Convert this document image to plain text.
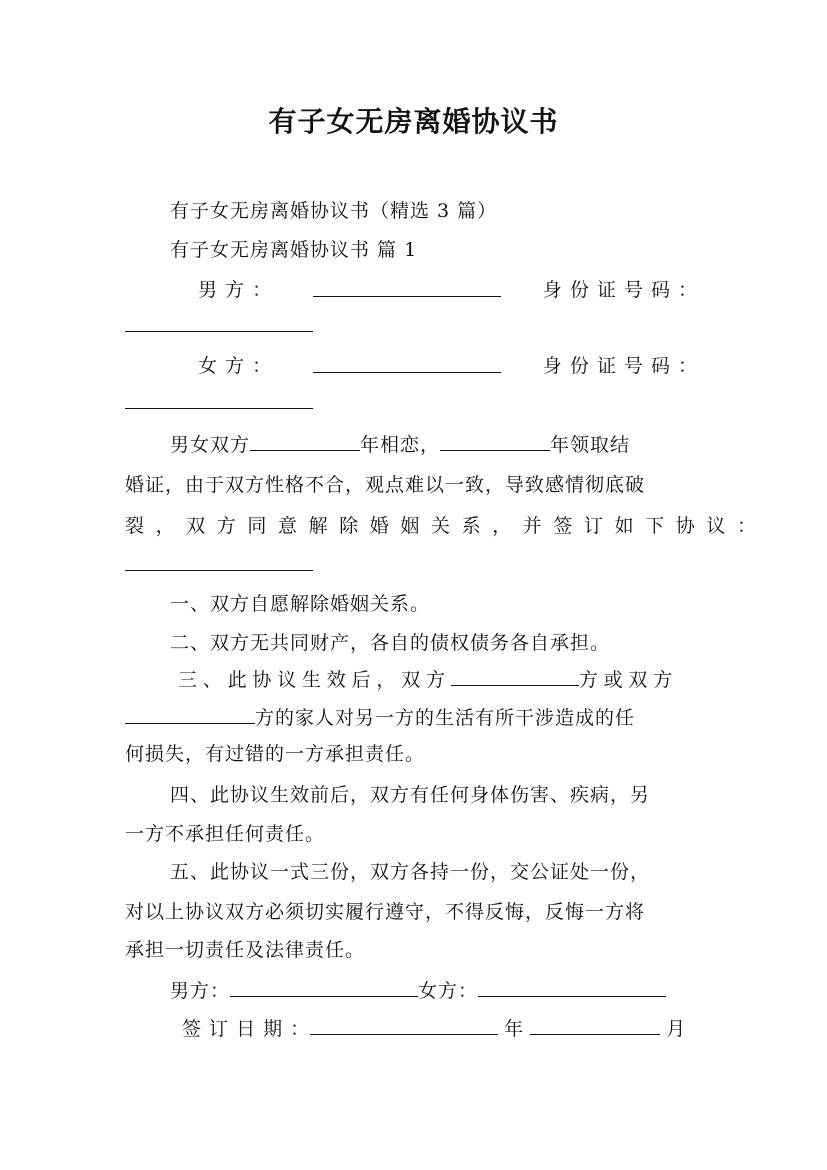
有子女无房离婚协议书
有子女无房离婚协议书（精选 3 篇）
有子女无房离婚协议书 篇 1
男 方 ：	身 份 证 号 码 ：
女 方 ：	身 份 证 号 码 ：
男女双方	年相恋，	年领取结
婚证，由于双方性格不合，观点难以一致，导致感情彻底破
裂，双方同意解除婚姻关系，并签订如下协议：
一、双方自愿解除婚姻关系。
二、双方无共同财产，各自的债权债务各自承担。
三、此协议生效后，双方	方或双方
方的家人对另一方的生活有所干涉造成的任
何损失，有过错的一方承担责任。
四、此协议生效前后，双方有任何身体伤害、疾病，另
一方不承担任何责任。
五、此协议一式三份，双方各持一份，交公证处一份，
对以上协议双方必须切实履行遵守，不得反悔，反悔一方将
承担一切责任及法律责任。
男方：	女方：
签 订 日 期 ：	年	月
